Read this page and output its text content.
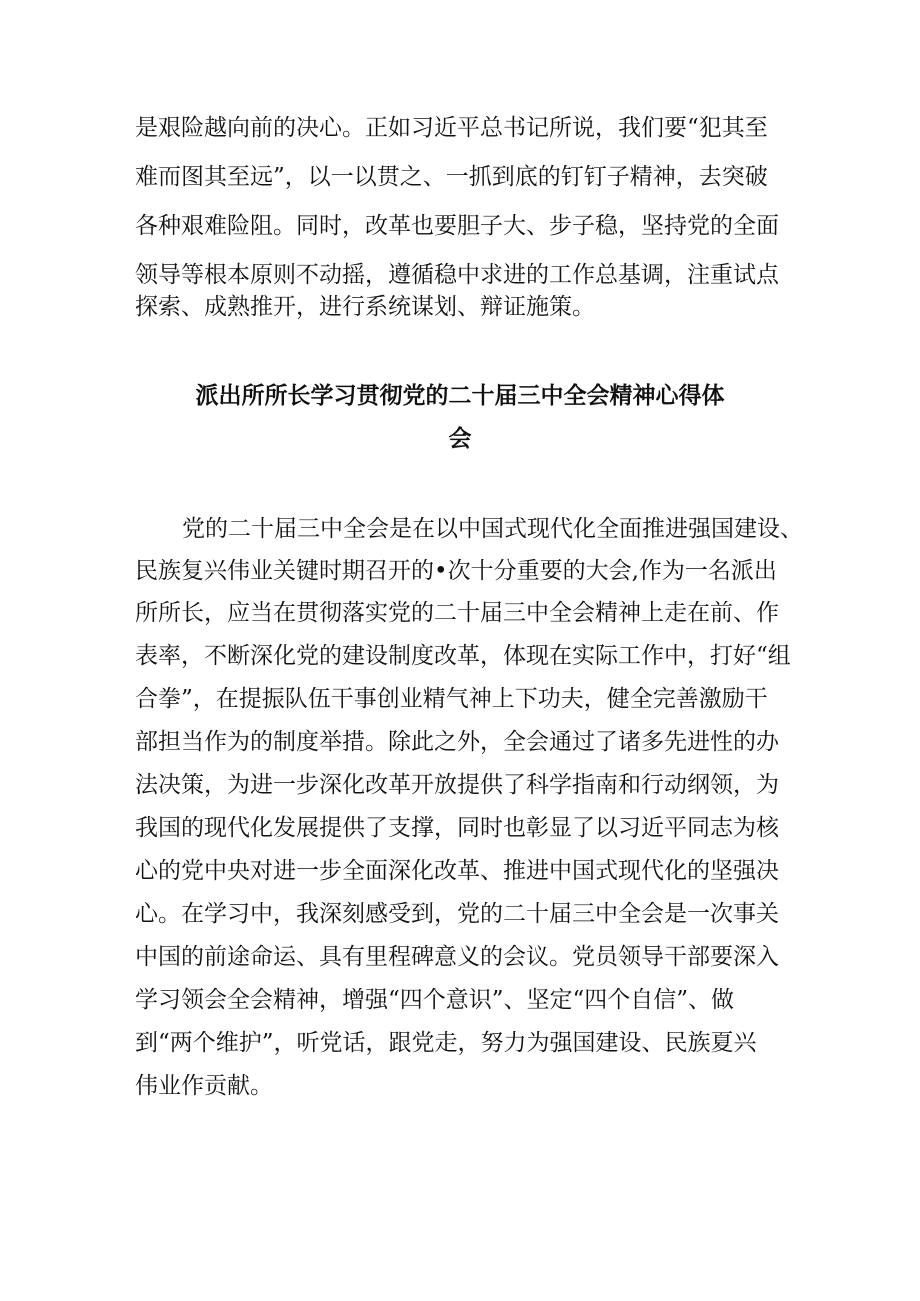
是艰险越向前的决心。正如习近平总书记所说，我们要“犯其至
难而图其至远”，以一以贯之、一抓到底的钉钉子精神，去突破
各种艰难险阻。同时，改革也要胆子大、步子稳，坚持党的全面
领导等根本原则不动摇，遵循稳中求进的工作总基调，注重试点
探索、成熟推开，进行系统谋划、辩证施策。
派出所所长学习贯彻党的二十届三中全会精神心得体
会
党的二十届三中全会是在以中国式现代化全面推进强国建设、
民族复兴伟业关键时期召开的•次十分重要的大会,作为一名派出
所所长，应当在贯彻落实党的二十届三中全会精神上走在前、作
表率，不断深化党的建设制度改革，体现在实际工作中，打好“组
合拳”，在提振队伍干事创业精气神上下功夫，健全完善激励干
部担当作为的制度举措。除此之外，全会通过了诸多先进性的办
法决策，为进一步深化改革开放提供了科学指南和行动纲领，为
我国的现代化发展提供了支撑，同时也彰显了以习近平同志为核
心的党中央对进一步全面深化改革、推进中国式现代化的坚强决
心。在学习中，我深刻感受到，党的二十届三中全会是一次事关
中国的前途命运、具有里程碑意义的会议。党员领导干部要深入
学习领会全会精神，增强“四个意识”、坚定“四个自信”、做
到“两个维护”，听党话，跟党走，努力为强国建设、民族夏兴
伟业作贡献。
